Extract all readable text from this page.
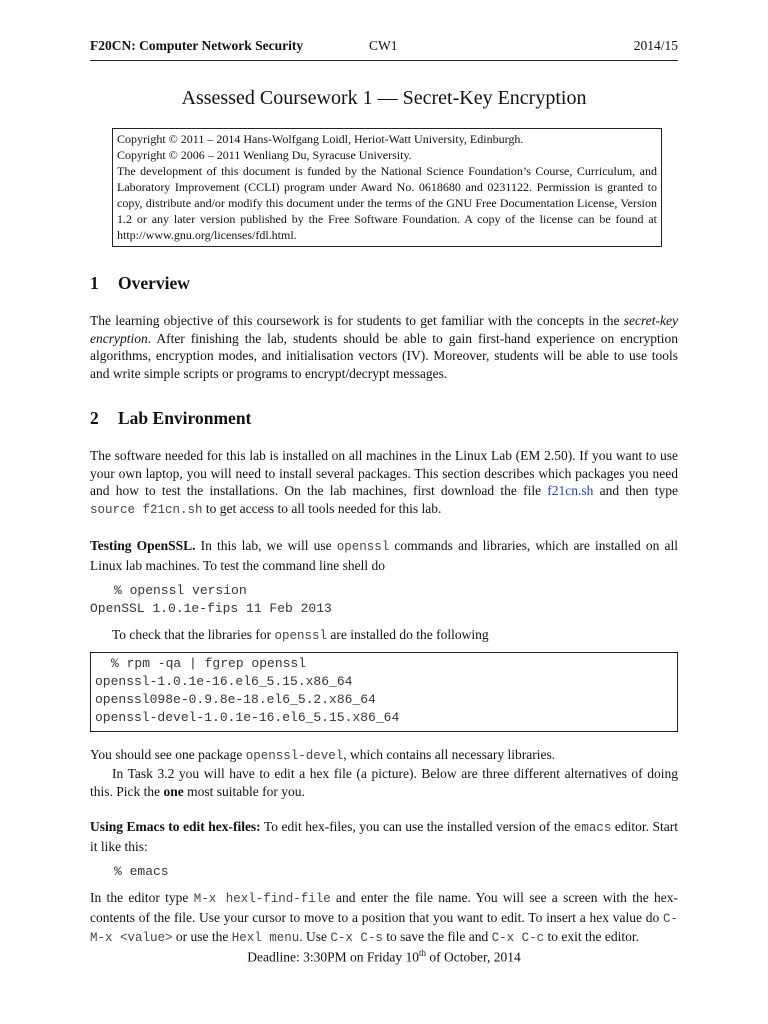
F20CN: Computer Network Security	CW1	2014/15
Assessed Coursework 1 — Secret-Key Encryption
Copyright © 2011 – 2014 Hans-Wolfgang Loidl, Heriot-Watt University, Edinburgh.
Copyright © 2006 – 2011 Wenliang Du, Syracuse University.
The development of this document is funded by the National Science Foundation’s Course, Curriculum, and Laboratory Improvement (CCLI) program under Award No. 0618680 and 0231122. Permission is granted to copy, distribute and/or modify this document under the terms of the GNU Free Documentation License, Version 1.2 or any later version published by the Free Software Foundation. A copy of the license can be found at http://www.gnu.org/licenses/fdl.html.
1 Overview

The learning objective of this coursework is for students to get familiar with the concepts in the secret-key encryption. After finishing the lab, students should be able to gain first-hand experience on encryption algorithms, encryption modes, and initialisation vectors (IV). Moreover, students will be able to use tools and write simple scripts or programs to encrypt/decrypt messages.

2 Lab Environment

The software needed for this lab is installed on all machines in the Linux Lab (EM 2.50). If you want to use your own laptop, you will need to install several packages. This section describes which packages you need and how to test the installations. On the lab machines, first download the file f21cn.sh and then type source f21cn.sh to get access to all tools needed for this lab.

Testing OpenSSL. In this lab, we will use openssl commands and libraries, which are installed on all Linux lab machines. To test the command line shell do

% openssl version
OpenSSL 1.0.1e-fips 11 Feb 2013

To check that the libraries for openssl are installed do the following

% rpm -qa | fgrep openssl
openssl-1.0.1e-16.el6_5.15.x86_64
openssl098e-0.9.8e-18.el6_5.2.x86_64
openssl-devel-1.0.1e-16.el6_5.15.x86_64

You should see one package openssl-devel, which contains all necessary libraries.

In Task 3.2 you will have to edit a hex file (a picture). Below are three different alternatives of doing this. Pick the one most suitable for you.

Using Emacs to edit hex-files: To edit hex-files, you can use the installed version of the emacs editor. Start it like this:

% emacs

In the editor type M-x hexl-find-file and enter the file name. You will see a screen with the hex-contents of the file. Use your cursor to move to a position that you want to edit. To insert a hex value do C-M-x <value> or use the Hexl menu. Use C-x C-s to save the file and C-x C-c to exit the editor.

Deadline: 3:30PM on Friday 10th of October, 2014
